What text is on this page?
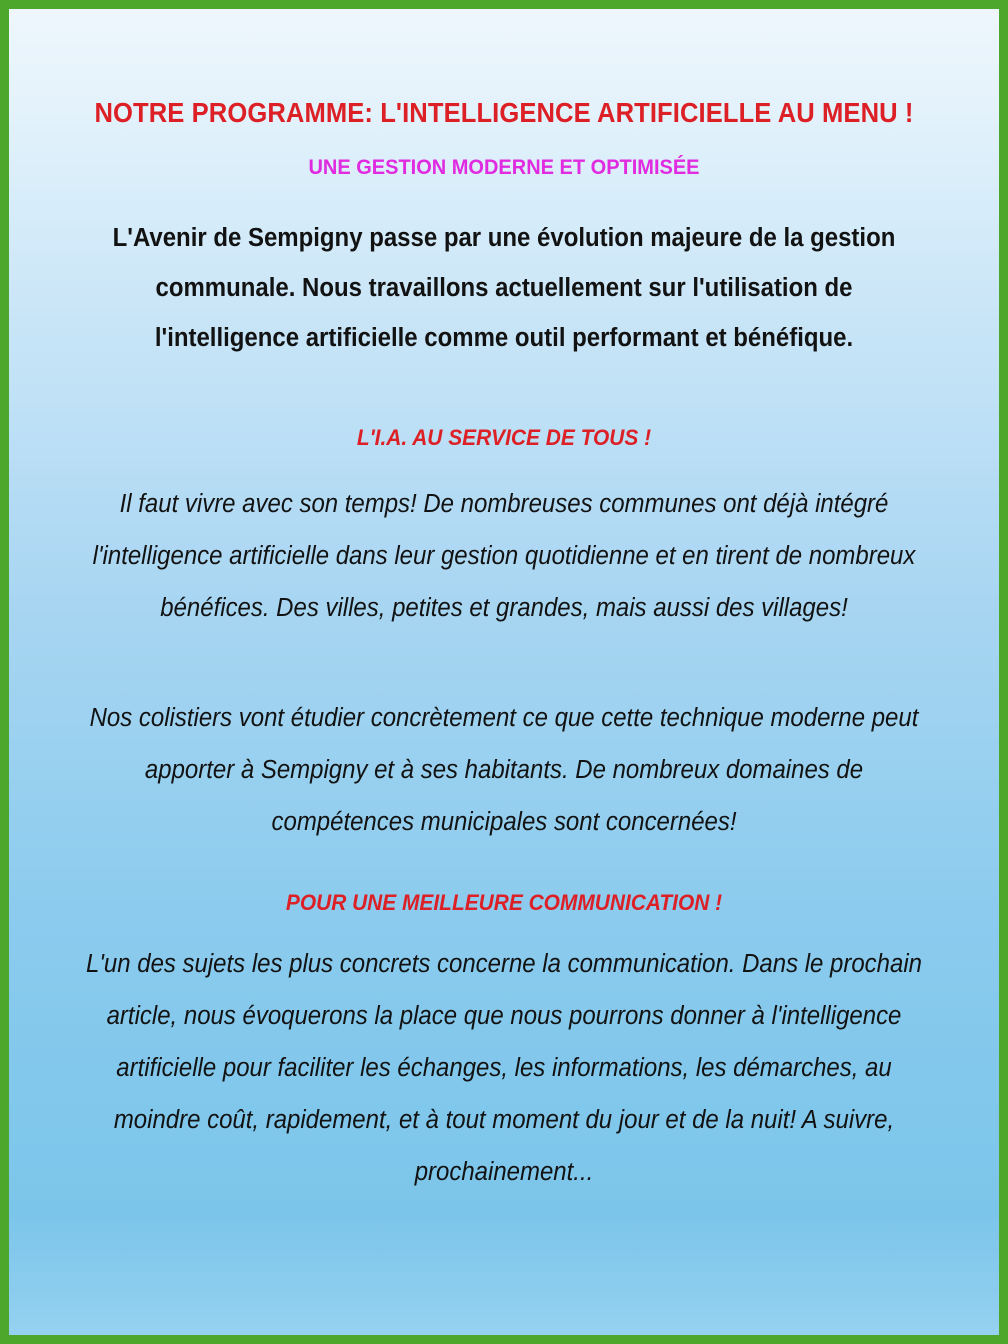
NOTRE PROGRAMME: L'INTELLIGENCE ARTIFICIELLE AU MENU !
UNE GESTION MODERNE ET OPTIMISÉE

L'Avenir de Sempigny passe par une évolution majeure de la gestion communale. Nous travaillons actuellement sur l'utilisation de l'intelligence artificielle comme outil performant et bénéfique.

L'I.A. AU SERVICE DE TOUS !

Il faut vivre avec son temps! De nombreuses communes ont déjà intégré l'intelligence artificielle dans leur gestion quotidienne et en tirent de nombreux bénéfices. Des villes, petites et grandes, mais aussi des villages!

Nos colistiers vont étudier concrètement ce que cette technique moderne peut apporter à Sempigny et à ses habitants. De nombreux domaines de compétences municipales sont concernées!

POUR UNE MEILLEURE COMMUNICATION !

L'un des sujets les plus concrets concerne la communication. Dans le prochain article, nous évoquerons la place que nous pourrons donner à l'intelligence artificielle pour faciliter les échanges, les informations, les démarches, au moindre coût, rapidement, et à tout moment du jour et de la nuit! A suivre, prochainement...
